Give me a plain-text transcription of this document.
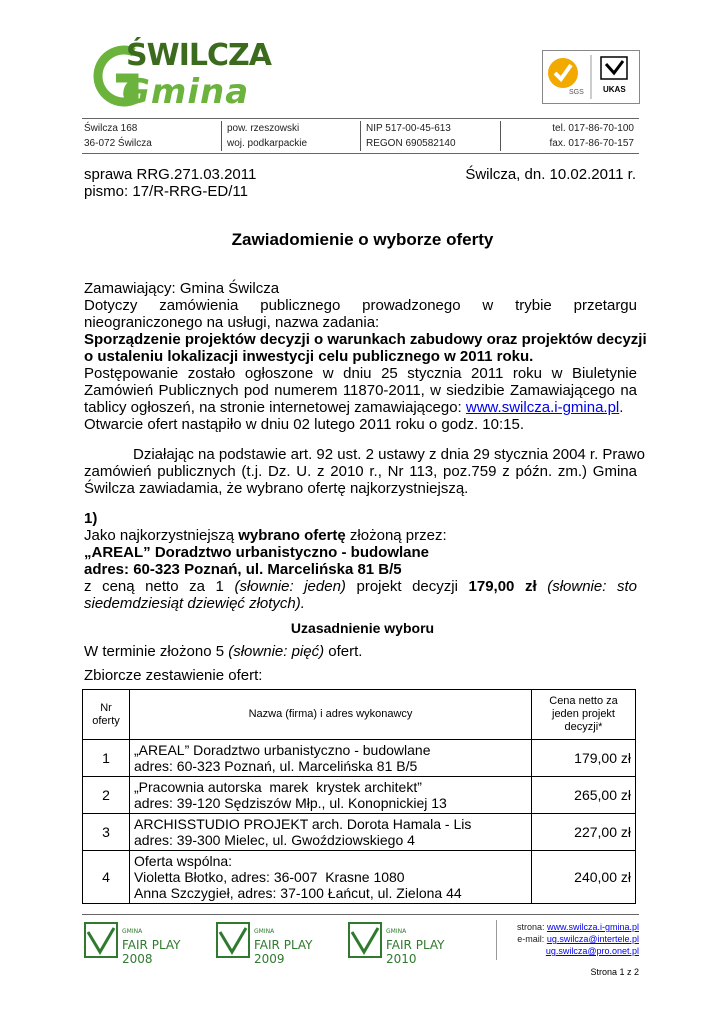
ŚWILCZA
Gmina	SGS UKAS
Świlcza 168
36-072 Świlcza
pow. rzeszowski
woj. podkarpackie
NIP 517-00-45-613
REGON 690582140
tel. 017-86-70-100
fax. 017-86-70-157
sprawa RRG.271.03.2011
pismo: 17/R-RRG-ED/11
Świlcza, dn. 10.02.2011 r.
Zawiadomienie o wyborze oferty
Zamawiający: Gmina Świlcza
Dotyczy zamówienia publicznego prowadzonego w trybie przetargu
nieograniczonego na usługi, nazwa zadania:
Sporządzenie projektów decyzji o warunkach zabudowy oraz projektów decyzji
o ustaleniu lokalizacji inwestycji celu publicznego w 2011 roku.
Postępowanie zostało ogłoszone w dniu 25 stycznia 2011 roku w Biuletynie
Zamówień Publicznych pod numerem 11870-2011, w siedzibie Zamawiającego na
tablicy ogłoszeń, na stronie internetowej zamawiającego: www.swilcza.i-gmina.pl.
Otwarcie ofert nastąpiło w dniu 02 lutego 2011 roku o godz. 10:15.
Działając na podstawie art. 92 ust. 2 ustawy z dnia 29 stycznia 2004 r. Prawo
zamówień publicznych (t.j. Dz. U. z 2010 r., Nr 113, poz.759 z późn. zm.) Gmina
Świlcza zawiadamia, że wybrano ofertę najkorzystniejszą.
1)
Jako najkorzystniejszą wybrano ofertę złożoną przez:
„AREAL” Doradztwo urbanistyczno - budowlane
adres: 60-323 Poznań, ul. Marcelińska 81 B/5
z ceną netto za 1 (słownie: jeden) projekt decyzji 179,00 zł (słownie: sto
siedemdziesiąt dziewięć złotych).
Uzasadnienie wyboru
W terminie złożono 5 (słownie: pięć) ofert.
Zbiorcze zestawienie ofert:
Nr oferty	Nazwa (firma) i adres wykonawcy	Cena netto za jeden projekt decyzji*
1	„AREAL” Doradztwo urbanistyczno - budowlane
adres: 60-323 Poznań, ul. Marcelińska 81 B/5	179,00 zł
2	„Pracownia autorska  marek  krystek architekt”
adres: 39-120 Sędziszów Młp., ul. Konopnickiej 13	265,00 zł
3	ARCHISSTUDIO PROJEKT arch. Dorota Hamala - Lis
adres: 39-300 Mielec, ul. Gwoździowskiego 4	227,00 zł
4	Oferta wspólna:
Violetta Błotko, adres: 36-007  Krasne 1080
Anna Szczygieł, adres: 37-100 Łańcut, ul. Zielona 44	240,00 zł
GMINA
FAIR PLAY 2008
GMINA
FAIR PLAY 2009
GMINA
FAIR PLAY 2010
strona: www.swilcza.i-gmina.pl
e-mail: ug.swilcza@intertele.pl
ug.swilcza@pro.onet.pl
Strona 1 z 2
